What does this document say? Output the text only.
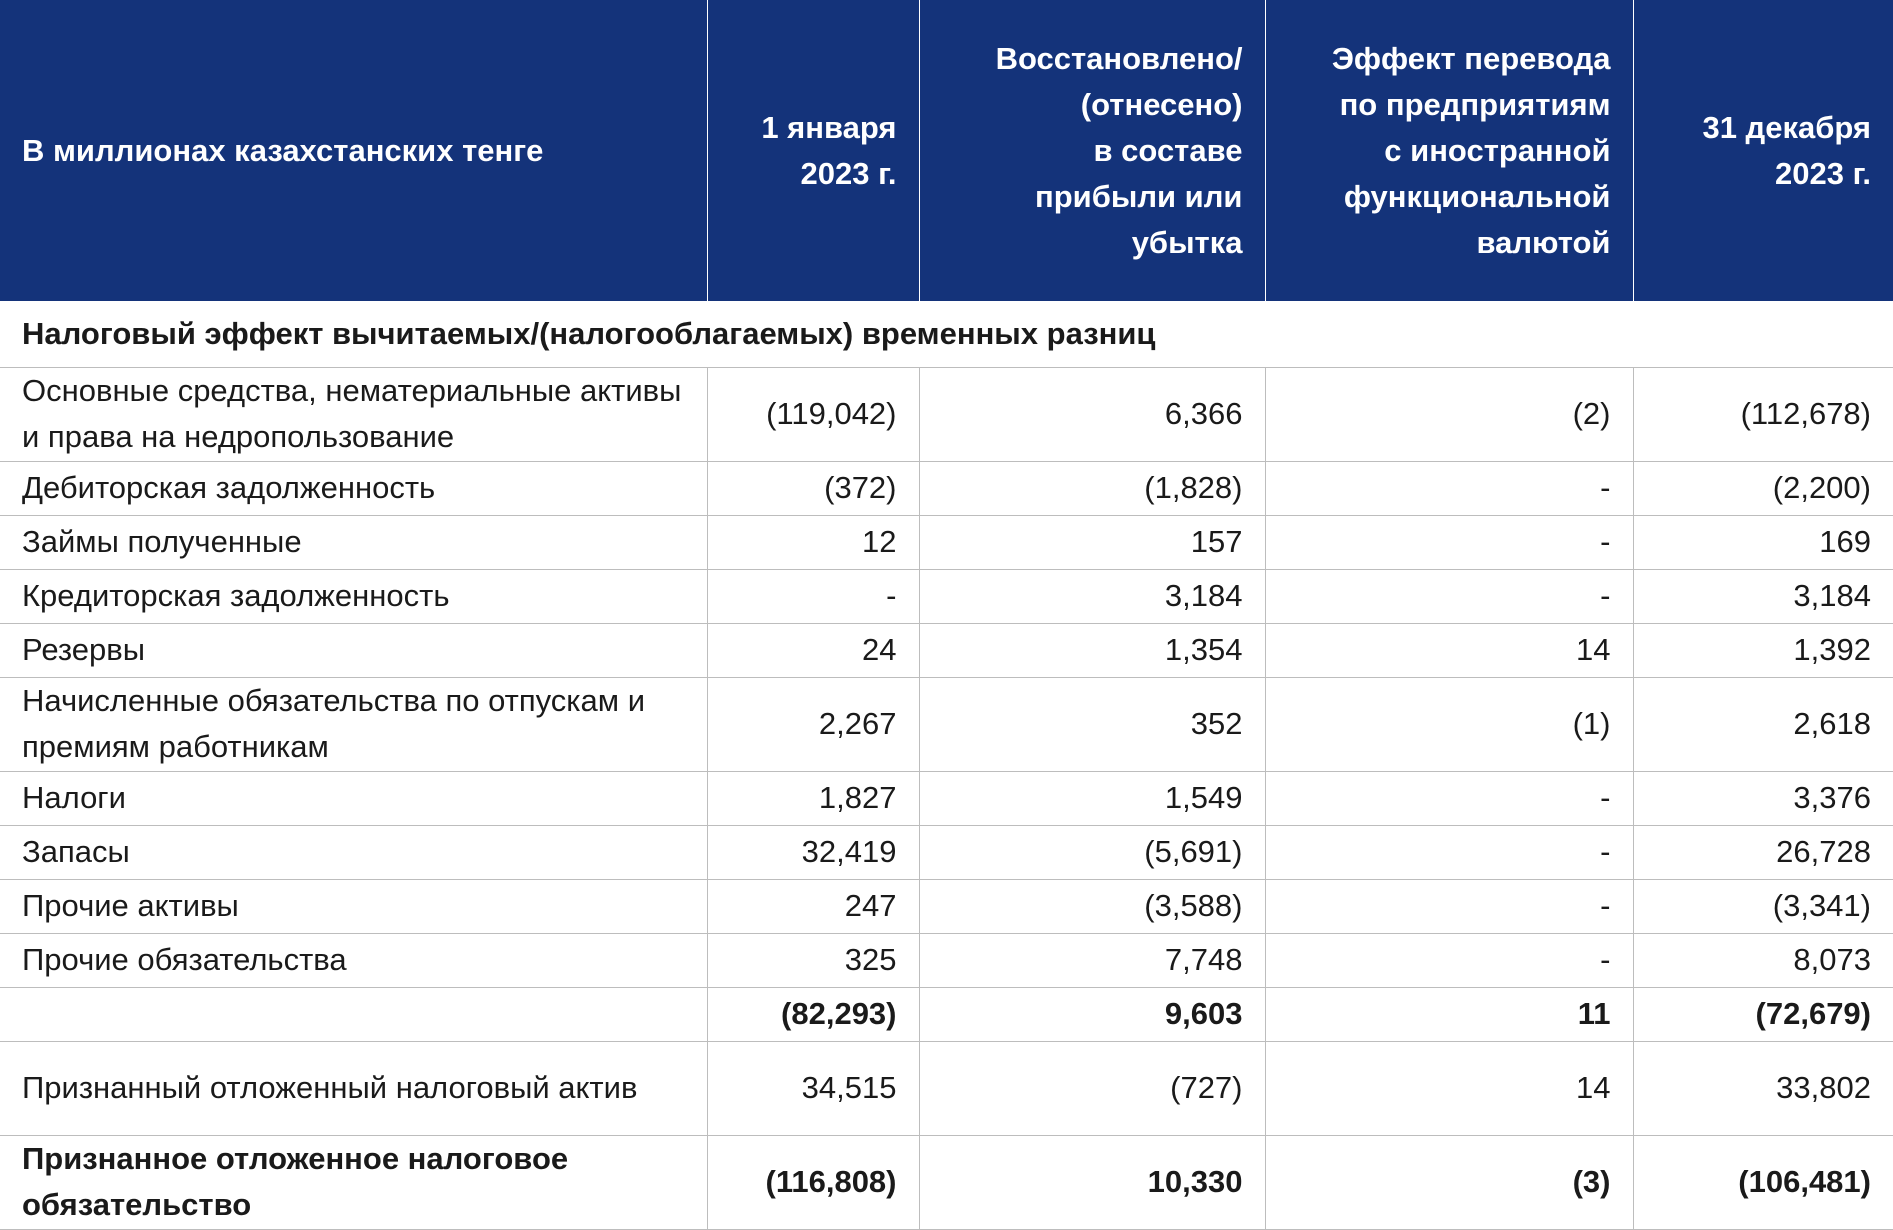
В миллионах казахстанских тенге	1 января
2023 г.	Восстановлено/
(отнесено)
в составе
прибыли или
убытка	Эффект перевода
по предприятиям
с иностранной
функциональной
валютой	31 декабря
2023 г.
Налоговый эффект вычитаемых/(налогооблагаемых) временных разниц				
Основные средства, нематериальные активы и права на недропользование	(119,042)	6,366	(2)	(112,678)
Дебиторская задолженность	(372)	(1,828)	-	(2,200)
Займы полученные	12	157	-	169
Кредиторская задолженность	-	3,184	-	3,184
Резервы	24	1,354	14	1,392
Начисленные обязательства по отпускам и премиям работникам	2,267	352	(1)	2,618
Налоги	1,827	1,549	-	3,376
Запасы	32,419	(5,691)	-	26,728
Прочие активы	247	(3,588)	-	(3,341)
Прочие обязательства	325	7,748	-	8,073
	(82,293)	9,603	11	(72,679)
Признанный отложенный налоговый актив	34,515	(727)	14	33,802
Признанное отложенное налоговое обязательство	(116,808)	10,330	(3)	(106,481)
